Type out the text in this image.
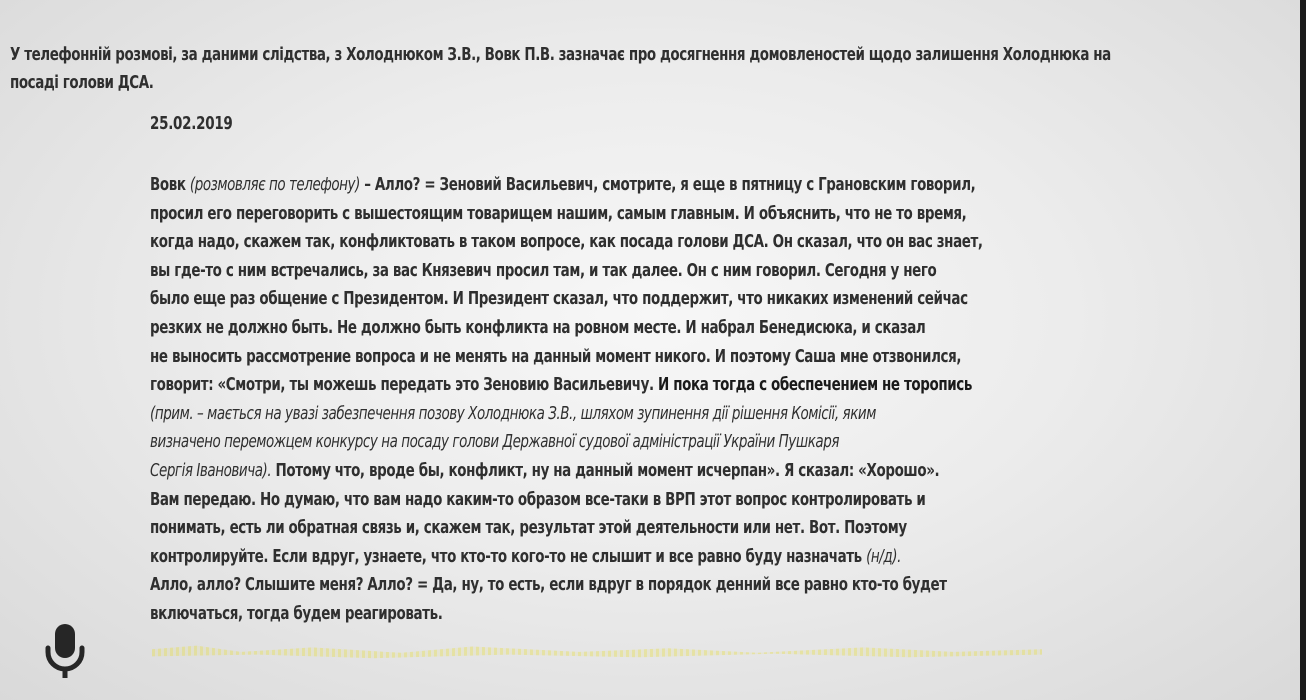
У телефонній розмові, за даними слідства, з Холоднюком З.В., Вовк П.В. зазначає про досягнення домовленостей щодо залишення Холоднюка на
посаді голови ДСА.
25.02.2019
Вовк (розмовляє по телефону) – Алло? = Зеновий Васильевич, смотрите, я еще в пятницу с Грановским говорил,
просил его переговорить с вышестоящим товарищем нашим, самым главным. И объяснить, что не то время,
когда надо, скажем так, конфликтовать в таком вопросе, как посада голови ДСА. Он сказал, что он вас знает,
вы где-то с ним встречались, за вас Князевич просил там, и так далее. Он с ним говорил. Сегодня у него
было еще раз общение с Президентом. И Президент сказал, что поддержит, что никаких изменений сейчас
резких не должно быть. Не должно быть конфликта на ровном месте. И набрал Бенедисюка, и сказал
не выносить рассмотрение вопроса и не менять на данный момент никого. И поэтому Саша мне отзвонился,
говорит: «Смотри, ты можешь передать это Зеновию Васильевичу. И пока тогда с обеспечением не торопись
(прим. – мається на увазі забезпечення позову Холоднюка З.В., шляхом зупинення дії рішення Комісії, яким
визначено переможцем конкурсу на посаду голови Державної судової адміністрації України Пушкаря
Сергія Івановича). Потому что, вроде бы, конфликт, ну на данный момент исчерпан». Я сказал: «Хорошо».
Вам передаю. Но думаю, что вам надо каким-то образом все-таки в ВРП этот вопрос контролировать и
понимать, есть ли обратная связь и, скажем так, результат этой деятельности или нет. Вот. Поэтому
контролируйте. Если вдруг, узнаете, что кто-то кого-то не слышит и все равно буду назначать (н/д).
Алло, алло? Слышите меня? Алло? = Да, ну, то есть, если вдруг в порядок денний все равно кто-то будет
включаться, тогда будем реагировать.
